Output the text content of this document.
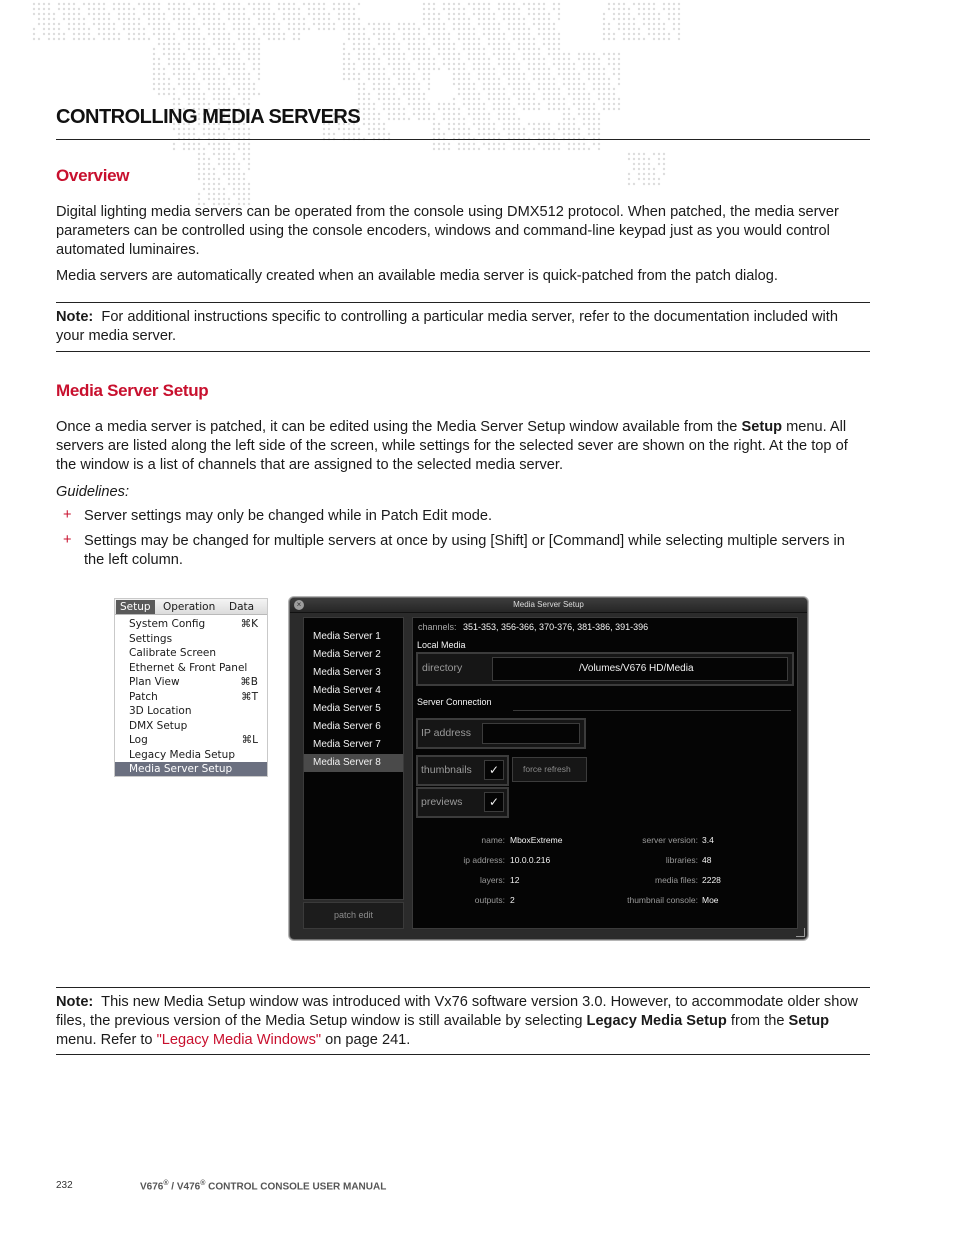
CONTROLLING MEDIA SERVERS
Overview
Digital lighting media servers can be operated from the console using DMX512 protocol. When patched, the media server parameters can be controlled using the console encoders, windows and command-line keypad just as you would control automated luminaires.
Media servers are automatically created when an available media server is quick-patched from the patch dialog.
Note: For additional instructions specific to controlling a particular media server, refer to the documentation included with your media server.
Media Server Setup
Once a media server is patched, it can be edited using the Media Server Setup window available from the Setup menu. All servers are listed along the left side of the screen, while settings for the selected sever are shown on the right. At the top of the window is a list of channels that are assigned to the selected media server.
Guidelines:
+ Server settings may only be changed while in Patch Edit mode.
+ Settings may be changed for multiple servers at once by using [Shift] or [Command] while selecting multiple servers in the left column.
Setup	Operation	Data
System Config	⌘K
Settings
Calibrate Screen
Ethernet & Front Panel
Plan View	⌘B
Patch	⌘T
3D Location
DMX Setup
Log	⌘L
Legacy Media Setup
Media Server Setup
Media Server Setup
×
Media Server 1
Media Server 2
Media Server 3
Media Server 4
Media Server 5
Media Server 6
Media Server 7
Media Server 8
patch edit
channels: 351-353, 356-366, 370-376, 381-386, 391-396
Local Media
directory	/Volumes/V676 HD/Media
Server Connection
IP address
thumbnails	✓	force refresh
previews	✓
name: MboxExtreme
ip address: 10.0.0.216
layers: 12
outputs: 2
server version: 3.4
libraries: 48
media files: 2228
thumbnail console: Moe
Note: This new Media Setup window was introduced with Vx76 software version 3.0. However, to accommodate older show files, the previous version of the Media Setup window is still available by selecting Legacy Media Setup from the Setup menu. Refer to "Legacy Media Windows" on page 241.
232	V676® / V476® CONTROL CONSOLE USER MANUAL
